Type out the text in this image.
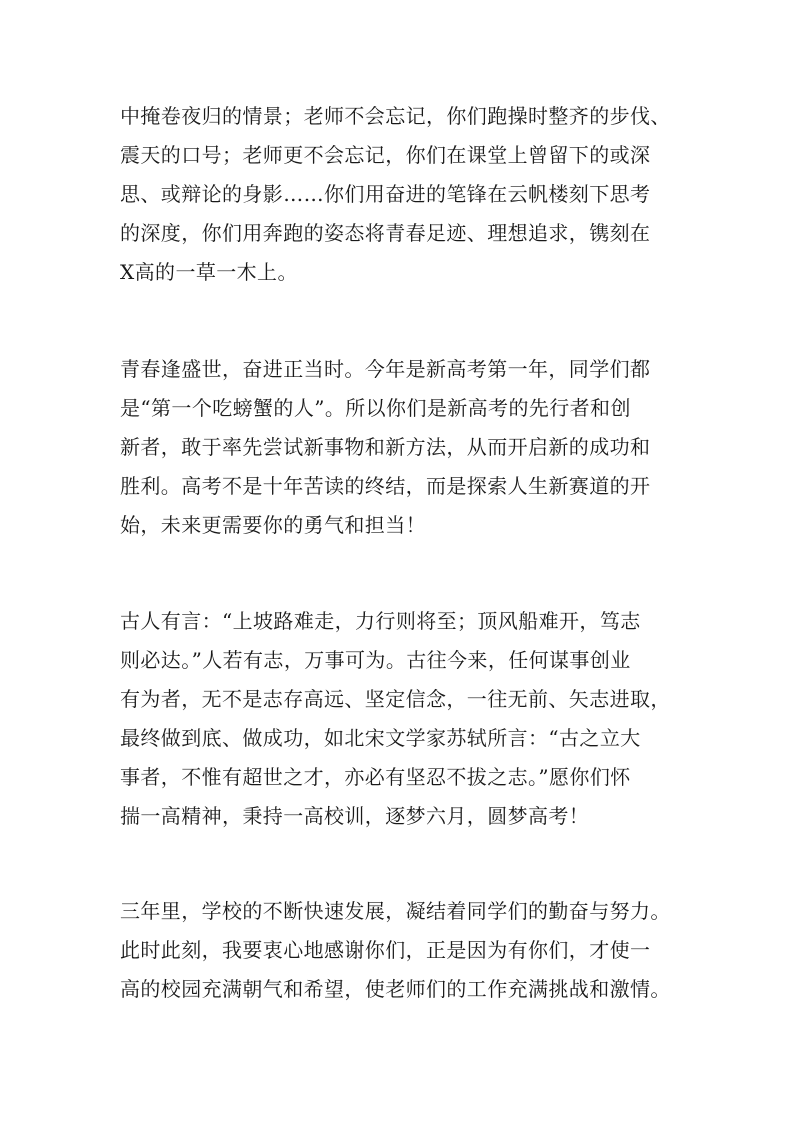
中掩卷夜归的情景；老师不会忘记，你们跑操时整齐的步伐、
震天的口号；老师更不会忘记，你们在课堂上曾留下的或深
思、或辩论的身影……你们用奋进的笔锋在云帆楼刻下思考
的深度，你们用奔跑的姿态将青春足迹、理想追求，镌刻在
X高的一草一木上。
青春逢盛世，奋进正当时。今年是新高考第一年，同学们都
是“第一个吃螃蟹的人”。所以你们是新高考的先行者和创
新者，敢于率先尝试新事物和新方法，从而开启新的成功和
胜利。高考不是十年苦读的终结，而是探索人生新赛道的开
始，未来更需要你的勇气和担当！
古人有言：“上坡路难走，力行则将至；顶风船难开，笃志
则必达。”人若有志，万事可为。古往今来，任何谋事创业
有为者，无不是志存高远、坚定信念，一往无前、矢志进取，
最终做到底、做成功，如北宋文学家苏轼所言：“古之立大
事者，不惟有超世之才，亦必有坚忍不拔之志。”愿你们怀
揣一高精神，秉持一高校训，逐梦六月，圆梦高考！
三年里，学校的不断快速发展，凝结着同学们的勤奋与努力。
此时此刻，我要衷心地感谢你们，正是因为有你们，才使一
高的校园充满朝气和希望，使老师们的工作充满挑战和激情。
